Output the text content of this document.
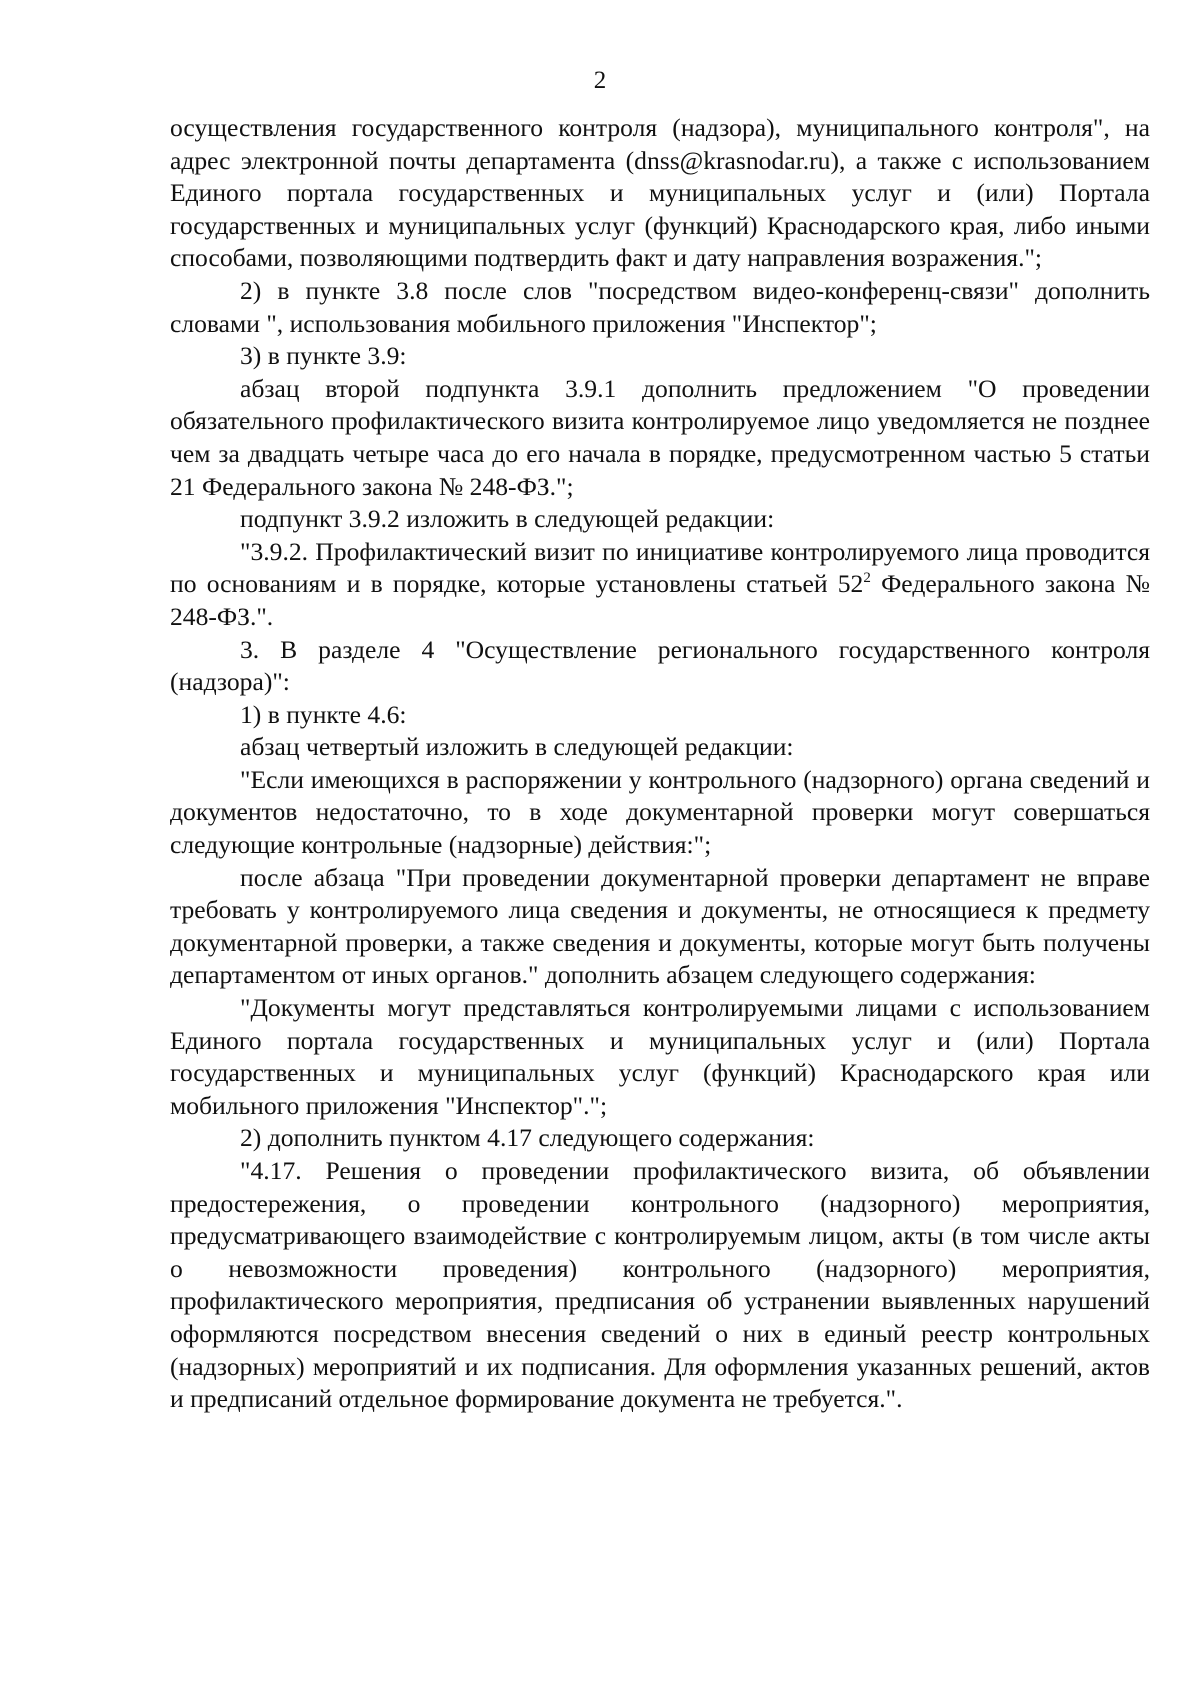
2

осуществления государственного контроля (надзора), муниципального контроля", на адрес электронной почты департамента (dnss@krasnodar.ru), а также с использованием Единого портала государственных и муниципальных услуг и (или) Портала государственных и муниципальных услуг (функций) Краснодарского края, либо иными способами, позволяющими подтвердить факт и дату направления возражения.";

2) в пункте 3.8 после слов "посредством видео-конференц-связи" дополнить словами ", использования мобильного приложения "Инспектор";

3) в пункте 3.9:

абзац второй подпункта 3.9.1 дополнить предложением "О проведении обязательного профилактического визита контролируемое лицо уведомляется не позднее чем за двадцать четыре часа до его начала в порядке, предусмотренном частью 5 статьи 21 Федерального закона № 248-ФЗ.";

подпункт 3.9.2 изложить в следующей редакции:

"3.9.2. Профилактический визит по инициативе контролируемого лица проводится по основаниям и в порядке, которые установлены статьей $52^2$ Федерального закона № 248-ФЗ.".

3. В разделе 4 "Осуществление регионального государственного контроля (надзора)":

1) в пункте 4.6:

абзац четвертый изложить в следующей редакции:

"Если имеющихся в распоряжении у контрольного (надзорного) органа сведений и документов недостаточно, то в ходе документарной проверки могут совершаться следующие контрольные (надзорные) действия:";

после абзаца "При проведении документарной проверки департамент не вправе требовать у контролируемого лица сведения и документы, не относящиеся к предмету документарной проверки, а также сведения и документы, которые могут быть получены департаментом от иных органов." дополнить абзацем следующего содержания:

"Документы могут представляться контролируемыми лицами с использованием Единого портала государственных и муниципальных услуг и (или) Портала государственных и муниципальных услуг (функций) Краснодарского края или мобильного приложения "Инспектор".";

2) дополнить пунктом 4.17 следующего содержания:

"4.17. Решения о проведении профилактического визита, об объявлении предостережения, о проведении контрольного (надзорного) мероприятия, предусматривающего взаимодействие с контролируемым лицом, акты (в том числе акты о невозможности проведения) контрольного (надзорного) мероприятия, профилактического мероприятия, предписания об устранении выявленных нарушений оформляются посредством внесения сведений о них в единый реестр контрольных (надзорных) мероприятий и их подписания. Для оформления указанных решений, актов и предписаний отдельное формирование документа не требуется.".
